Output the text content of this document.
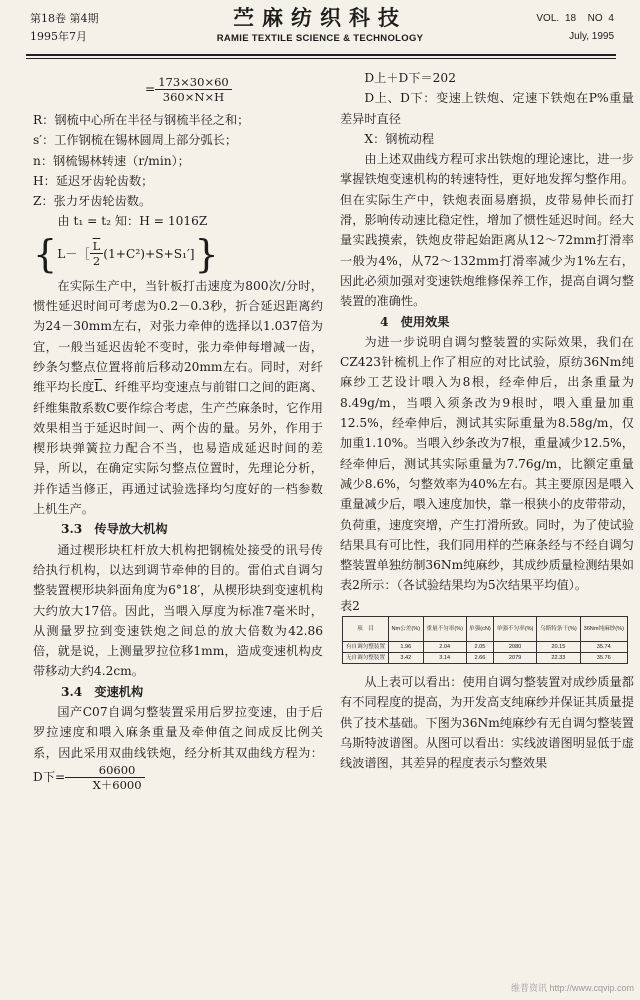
第18卷 第4期
1995年7月
苎麻纺织科技
RAMIE TEXTILE SCIENCE & TECHNOLOGY
VOL. 18 NO 4
July, 1995
= $\frac{173\times 30\times 60}{360\times N\times H}$

R：钢梳中心所在半径与钢梳半径之和；

s′：工作钢梳在锡林圆周上部分弧长；

n：钢梳锡林转速（r/min）；

H：延迟牙齿轮齿数；

Z：张力牙齿轮齿数。

由 t₁ = t₂ 知：H = 1016Z

{ L－［ $\frac{\overline{L}}{2} (1+C^2)+S+S_1'$] }

在实际生产中，当针板打击速度为800次/分时，惯性延迟时间可考虑为0.2－0.3秒，折合延迟距离约为24－30mm左右，对张力牵伸的选择以1.037倍为宜，一般当延迟齿轮不变时，张力牵伸每增减一齿，纱条匀整点位置将前后移动20mm左右。同时，对纤维平均长度$\overline{L}$、纤维平均变速点与前钳口之间的距离、纤维集散系数C要作综合考虑，生产苎麻条时，它作用效果相当于延迟时间一、两个齿的量。另外，作用于楔形块弹簧拉力配合不当，也易造成延迟时间的差异，所以，在确定实际匀整点位置时，先理论分析，并作适当修正，再通过试验选择均匀度好的一档参数上机生产。

3.3　传导放大机构

通过楔形块杠杆放大机构把钢梳处接受的讯号传给执行机构，以达到调节牵伸的目的。雷伯式自调匀整装置楔形块斜面角度为6°18′，从楔形块到变速机构大约放大17倍。因此，当喂入厚度为标准7毫米时，从测量罗拉到变速铁炮之间总的放大倍数为42.86倍，就是说，上测量罗拉位移1mm，造成变速机构皮带移动大约4.2cm。

3.4　变速机构

国产C07自调匀整装置采用后罗拉变速，由于后罗拉速度和喂入麻条重量及牵伸值之间成反比例关系，因此采用双曲线铁炮，经分析其双曲线方程为：D下= $\frac{60600}{X+6000}$

D上＋D下＝202

D上、D下：变速上铁炮、定速下铁炮在P%重量差异时直径

X：钢梳动程

由上述双曲线方程可求出铁炮的理论速比，进一步掌握铁炮变速机构的转速特性，更好地发挥匀整作用。但在实际生产中，铁炮表面易磨损，皮带易伸长而打滑，影响传动速比稳定性，增加了惯性延迟时间。经大量实践摸索，铁炮皮带起始距离从12～72mm打滑率一般为4%，从72～132mm打滑率减少为1%左右，因此必须加强对变速铁炮维修保养工作，提高自调匀整装置的准确性。

4　使用效果

为进一步说明自调匀整装置的实际效果，我们在CZ423针梳机上作了相应的对比试验，原纺36Nm纯麻纱工艺设计喂入为8根，经牵伸后，出条重量为8.49g/m，当喂入须条改为9根时，喂入重量加重12.5%，经牵伸后，测试其实际重量为8.58g/m，仅加重1.10%。当喂入纱条改为7根，重量减少12.5%，经牵伸后，测试其实际重量为7.76g/m，比额定重量减少8.6%，匀整效率为40%左右。其主要原因是喂入重量减少后，喂入速度加快，靠一根狭小的皮带带动，负荷重，速度突增，产生打滑所致。同时，为了使试验结果具有可比性，我们同用样的苎麻条经与不经自调匀整装置单独纺制36Nm纯麻纱，其成纱质量检测结果如表2所示：（各试验结果均为5次结果平均值）。

表2

项　目	Nm公差(%)	重量不匀率(%)	单强(cN)	单强不匀率(%)	乌斯特条干(%)	36Nm纯麻纱(%)
有自调匀整装置	1.96	2.04	2.05	2080	20.15	35.74
无自调匀整装置	3.42	3.14	2.66	2079	22.33	35.76

从上表可以看出：使用自调匀整装置对成纱质量都有不同程度的提高，为开发高支纯麻纱并保证其质量提供了技术基础。下图为36Nm纯麻纱有无自调匀整装置乌斯特波谱图。从图可以看出：实线波谱图明显低于虚线波谱图，其差异的程度表示匀整效果

维普资讯 http://www.cqvip.com
